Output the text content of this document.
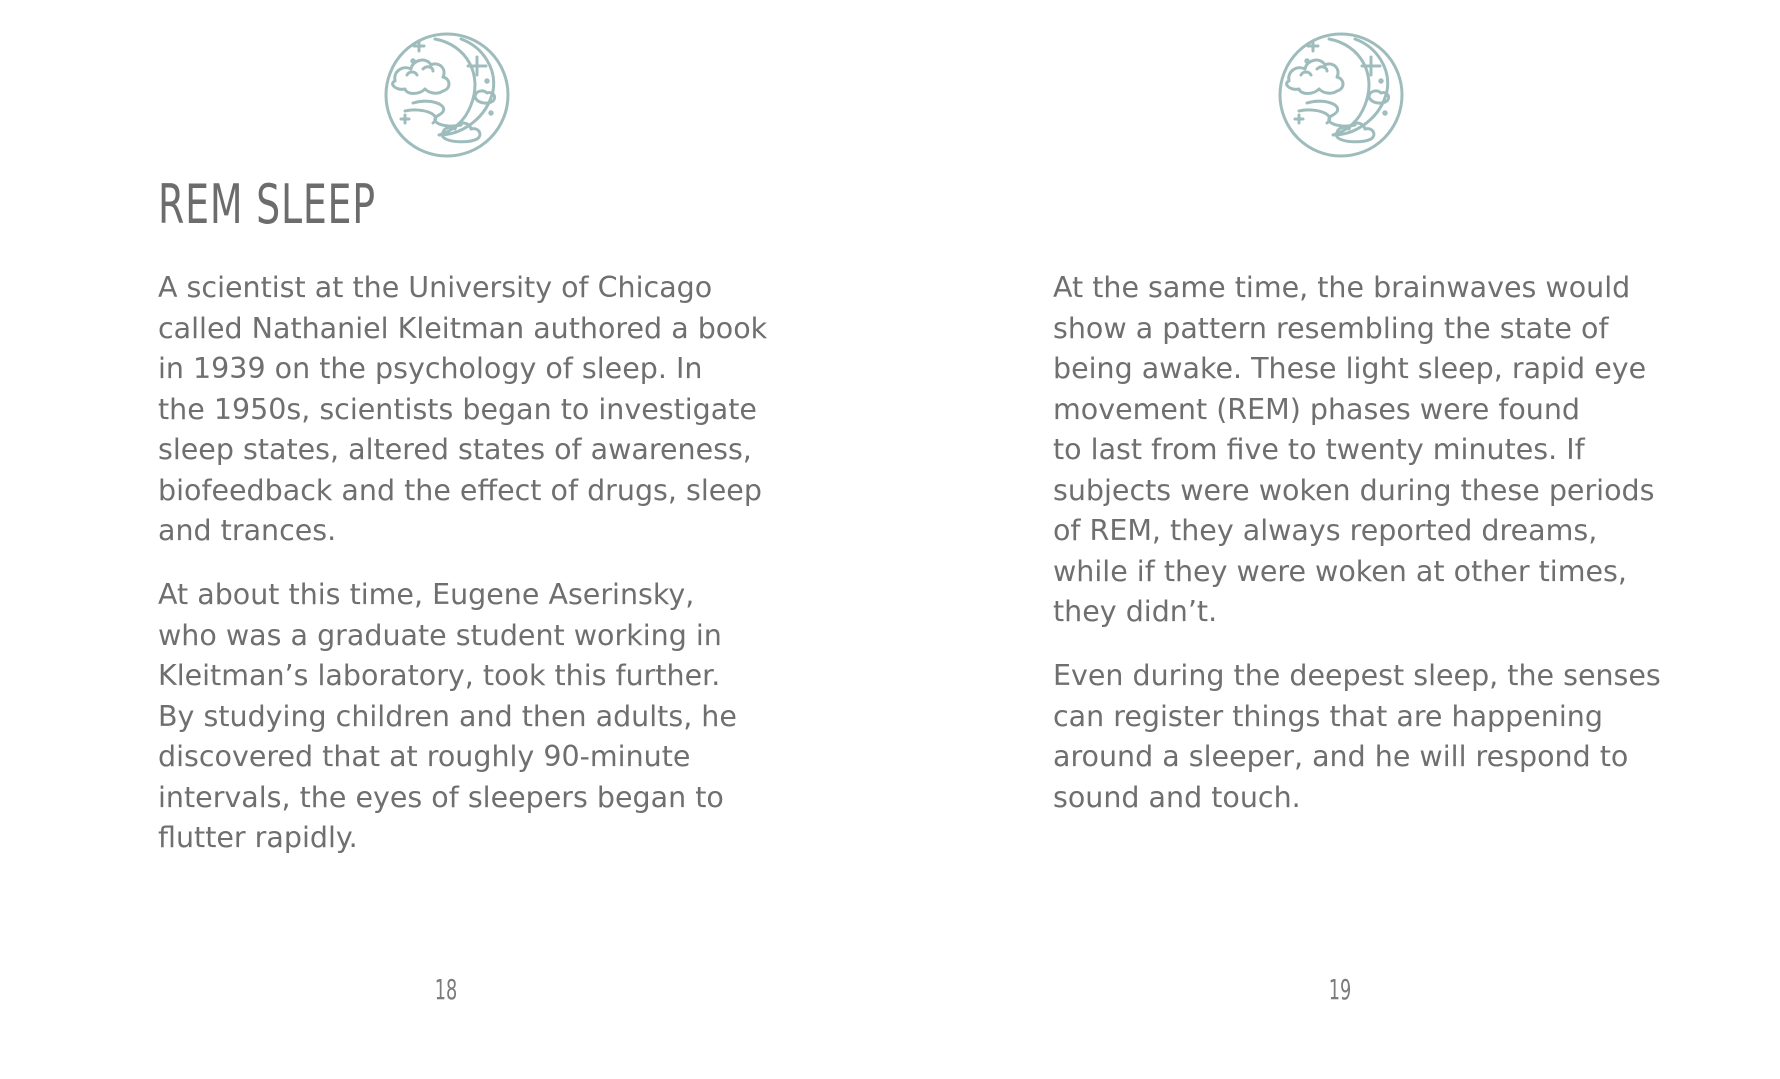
REM SLEEP

A scientist at the University of Chicago
called Nathaniel Kleitman authored a book
in 1939 on the psychology of sleep. In
the 1950s, scientists began to investigate
sleep states, altered states of awareness,
biofeedback and the effect of drugs, sleep
and trances.

At about this time, Eugene Aserinsky,
who was a graduate student working in
Kleitman’s laboratory, took this further.
By studying children and then adults, he
discovered that at roughly 90-minute
intervals, the eyes of sleepers began to
flutter rapidly.

18

At the same time, the brainwaves would
show a pattern resembling the state of
being awake. These light sleep, rapid eye
movement (REM) phases were found
to last from five to twenty minutes. If
subjects were woken during these periods
of REM, they always reported dreams,
while if they were woken at other times,
they didn’t.

Even during the deepest sleep, the senses
can register things that are happening
around a sleeper, and he will respond to
sound and touch.

19
